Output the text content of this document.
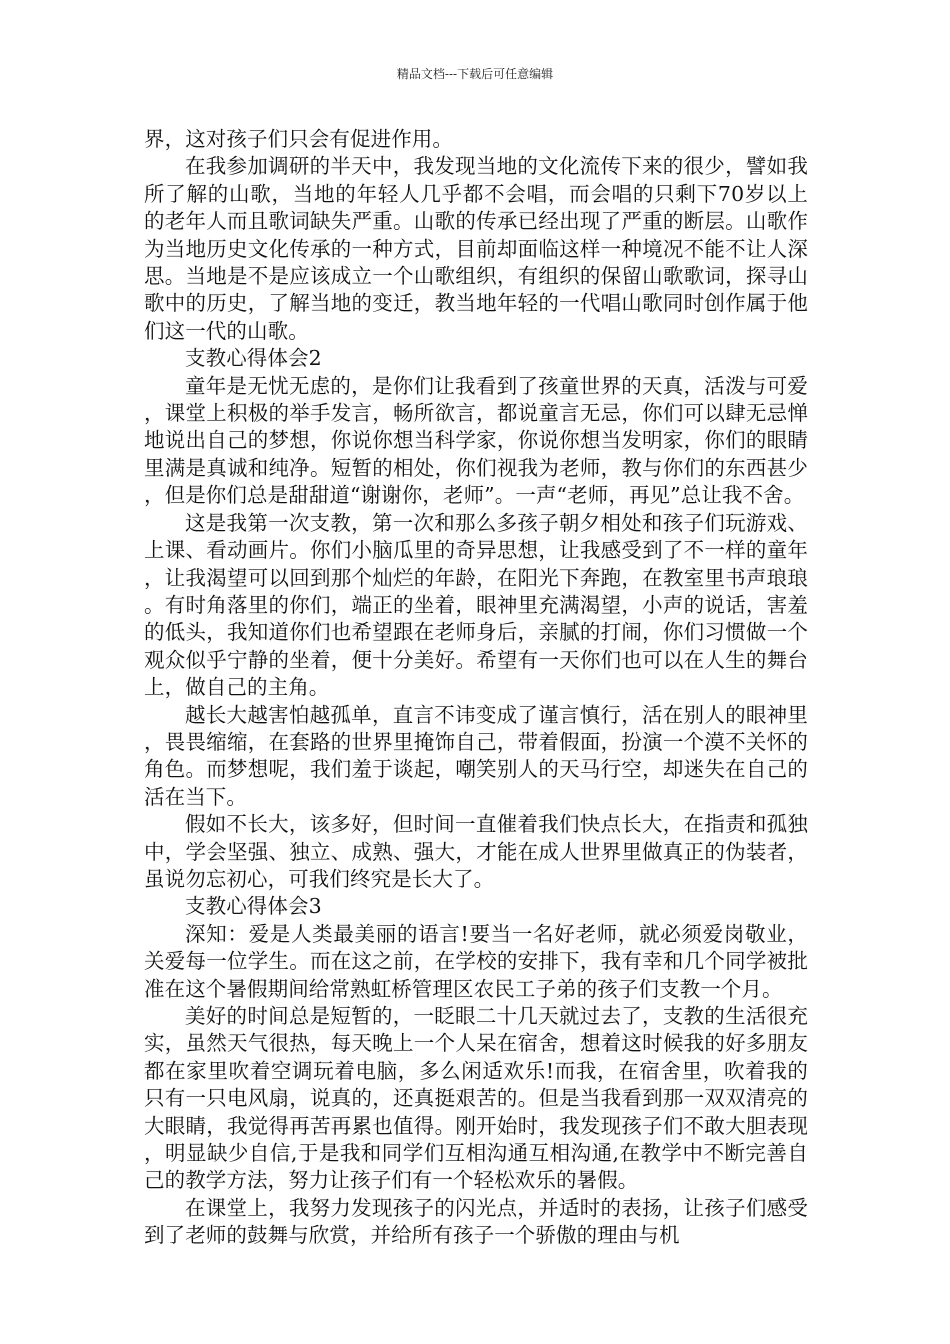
精品文档---下载后可任意编辑

界，这对孩子们只会有促进作用。

在我参加调研的半天中，我发现当地的文化流传下来的很少，譬如我所了解的山歌，当地的年轻人几乎都不会唱，而会唱的只剩下70岁以上的老年人而且歌词缺失严重。山歌的传承已经出现了严重的断层。山歌作为当地历史文化传承的一种方式，目前却面临这样一种境况不能不让人深思。当地是不是应该成立一个山歌组织，有组织的保留山歌歌词，探寻山歌中的历史，了解当地的变迁，教当地年轻的一代唱山歌同时创作属于他们这一代的山歌。

支教心得体会2

童年是无忧无虑的，是你们让我看到了孩童世界的天真，活泼与可爱，课堂上积极的举手发言，畅所欲言，都说童言无忌，你们可以肆无忌惮地说出自己的梦想，你说你想当科学家，你说你想当发明家，你们的眼睛里满是真诚和纯净。短暂的相处，你们视我为老师，教与你们的东西甚少，但是你们总是甜甜道“谢谢你，老师”。一声“老师，再见”总让我不舍。

这是我第一次支教，第一次和那么多孩子朝夕相处和孩子们玩游戏、上课、看动画片。你们小脑瓜里的奇异思想，让我感受到了不一样的童年，让我渴望可以回到那个灿烂的年龄，在阳光下奔跑，在教室里书声琅琅。有时角落里的你们，端正的坐着，眼神里充满渴望，小声的说话，害羞的低头，我知道你们也希望跟在老师身后，亲腻的打闹，你们习惯做一个观众似乎宁静的坐着，便十分美好。希望有一天你们也可以在人生的舞台上，做自己的主角。

越长大越害怕越孤单，直言不讳变成了谨言慎行，活在别人的眼神里，畏畏缩缩，在套路的世界里掩饰自己，带着假面，扮演一个漠不关怀的角色。而梦想呢，我们羞于谈起，嘲笑别人的天马行空，却迷失在自己的活在当下。

假如不长大，该多好，但时间一直催着我们快点长大，在指责和孤独中，学会坚强、独立、成熟、强大，才能在成人世界里做真正的伪装者，虽说勿忘初心，可我们终究是长大了。

支教心得体会3

深知：爱是人类最美丽的语言!要当一名好老师，就必须爱岗敬业，关爱每一位学生。而在这之前，在学校的安排下，我有幸和几个同学被批准在这个暑假期间给常熟虹桥管理区农民工子弟的孩子们支教一个月。

美好的时间总是短暂的，一眨眼二十几天就过去了，支教的生活很充实，虽然天气很热，每天晚上一个人呆在宿舍，想着这时候我的好多朋友都在家里吹着空调玩着电脑，多么闲适欢乐!而我，在宿舍里，吹着我的只有一只电风扇，说真的，还真挺艰苦的。但是当我看到那一双双清亮的大眼睛，我觉得再苦再累也值得。刚开始时，我发现孩子们不敢大胆表现，明显缺少自信,于是我和同学们互相沟通互相沟通,在教学中不断完善自己的教学方法，努力让孩子们有一个轻松欢乐的暑假。

在课堂上，我努力发现孩子的闪光点，并适时的表扬，让孩子们感受到了老师的鼓舞与欣赏，并给所有孩子一个骄傲的理由与机
